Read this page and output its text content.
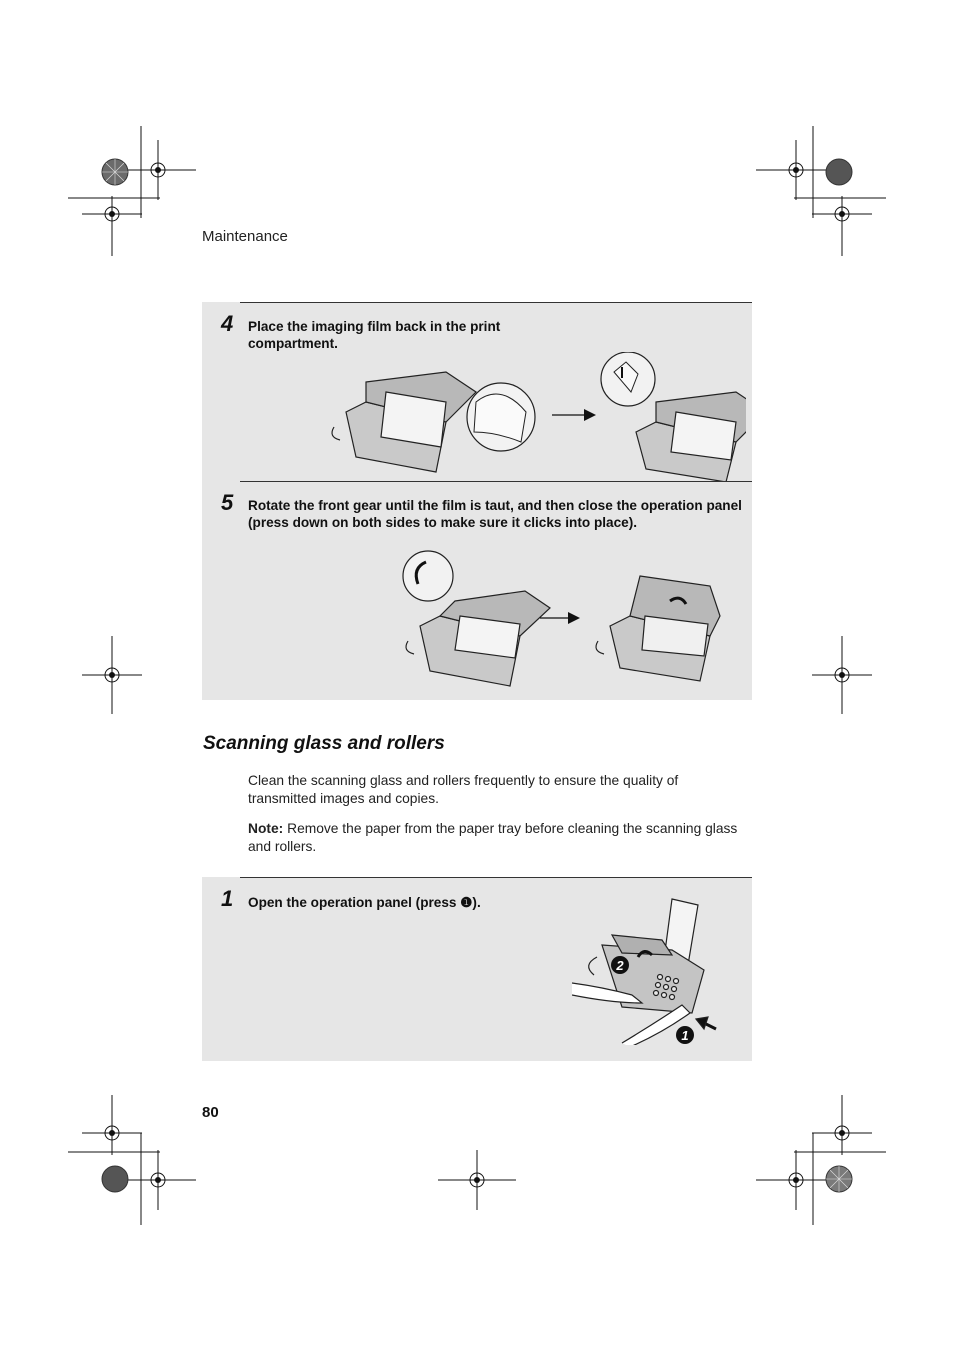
Maintenance
4 Place the imaging film back in the print compartment.
5 Rotate the front gear until the film is taut, and then close the operation panel (press down on both sides to make sure it clicks into place).
Scanning glass and rollers
Clean the scanning glass and rollers frequently to ensure the quality of transmitted images and copies.
Note: Remove the paper from the paper tray before cleaning the scanning glass and rollers.
1 Open the operation panel (press ❶).
2
1
80
